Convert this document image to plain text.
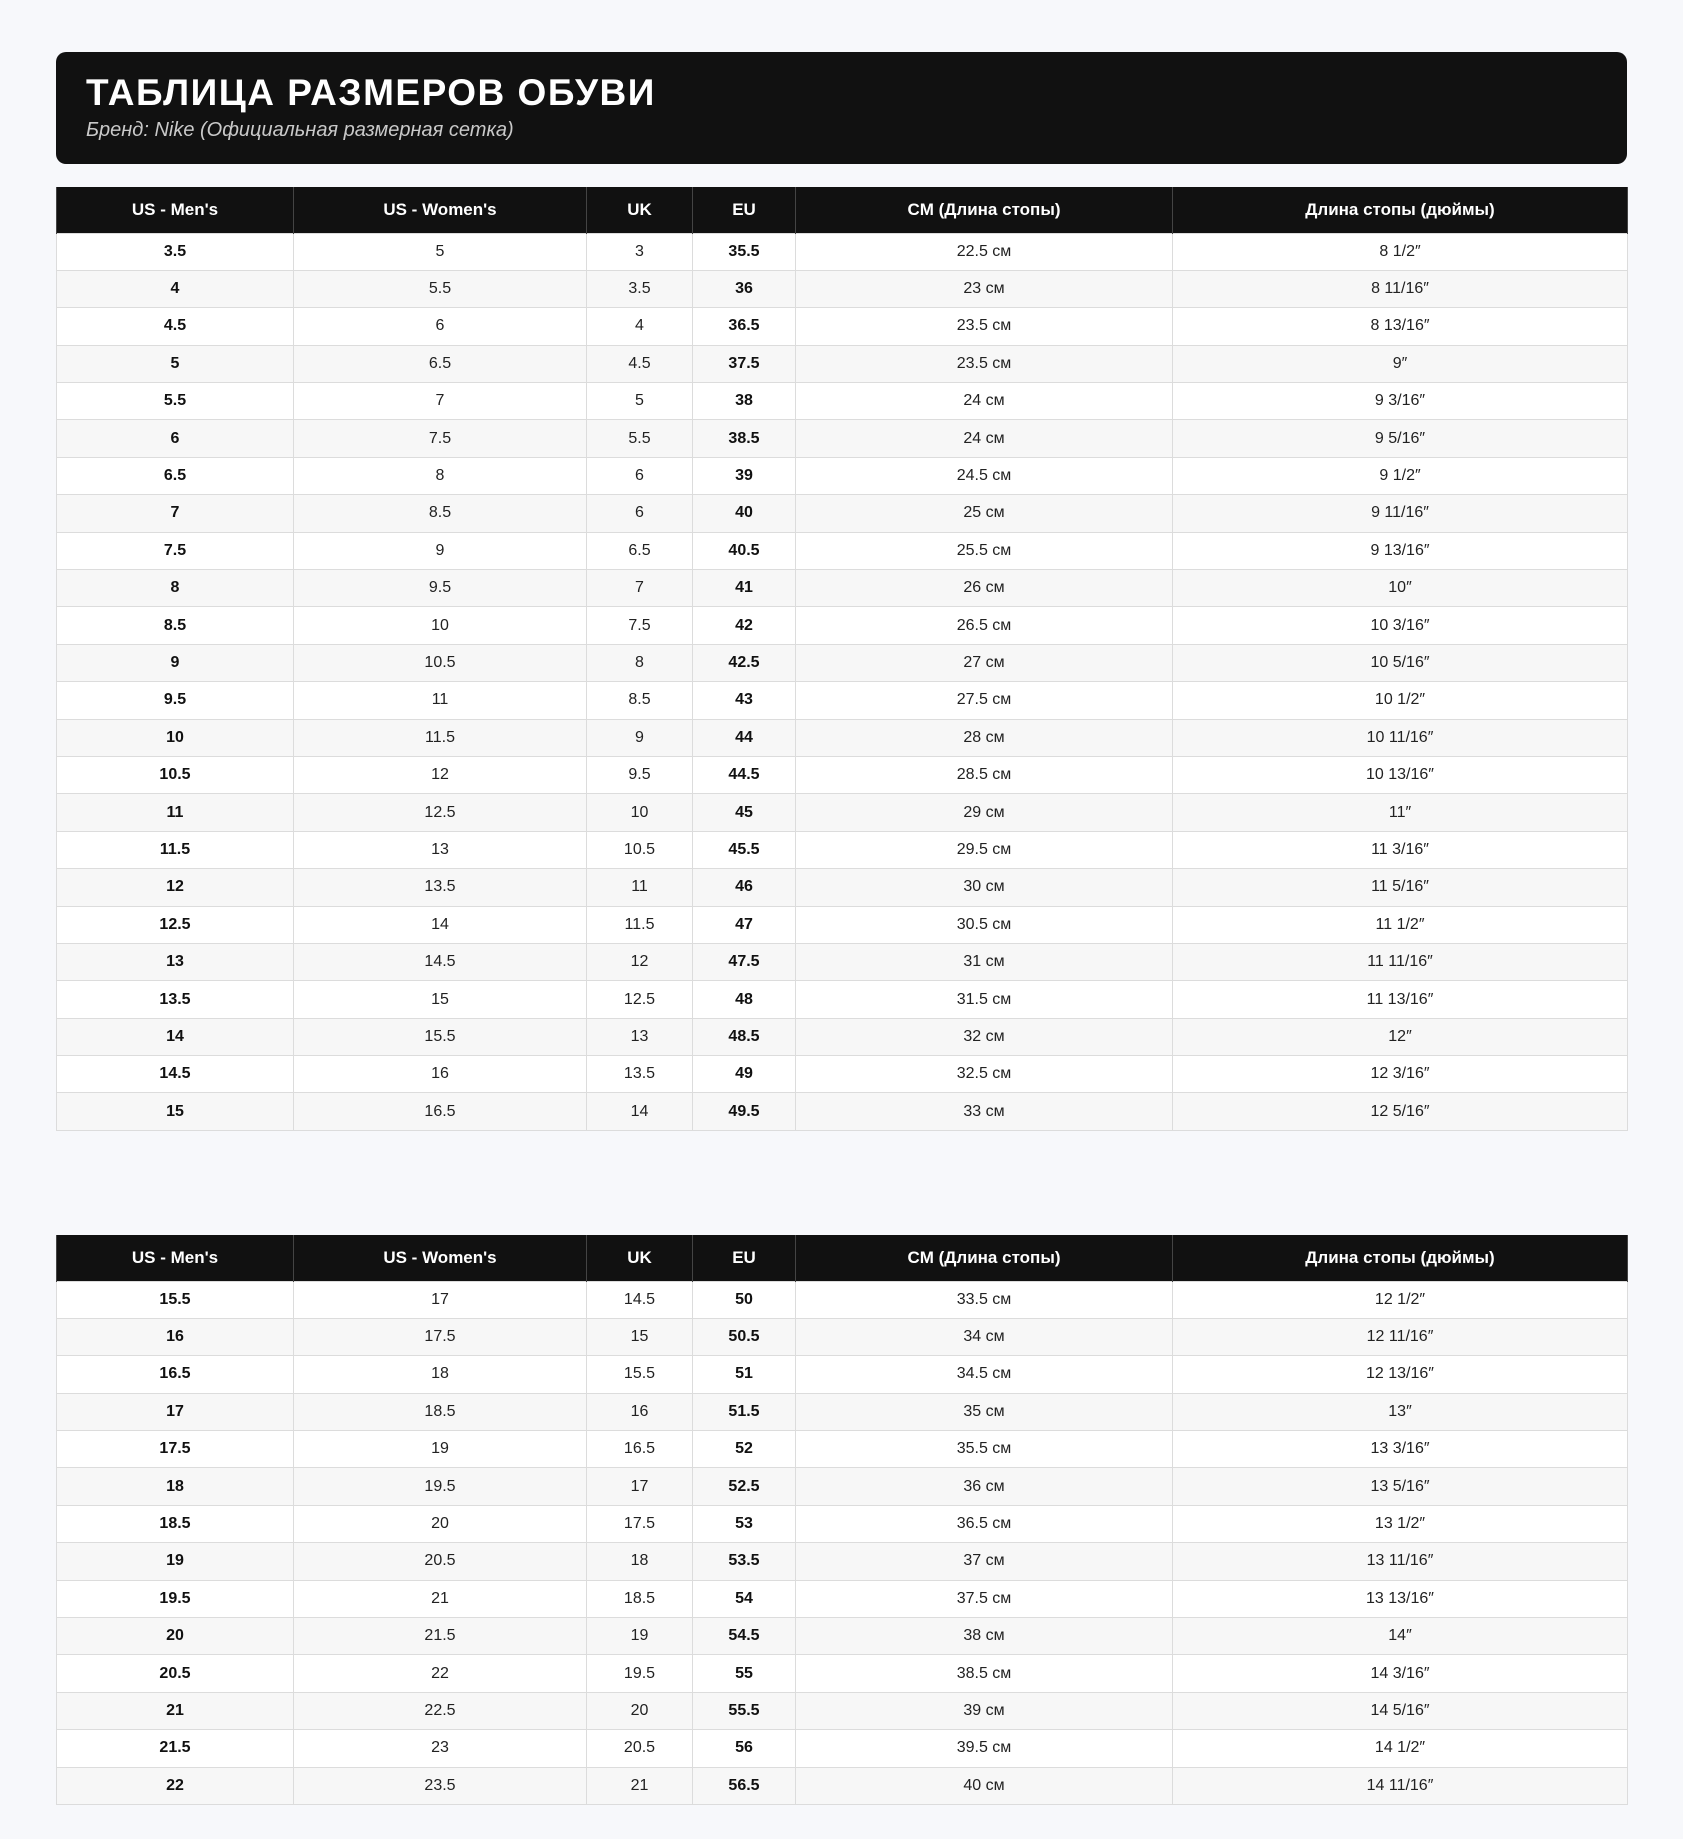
ТАБЛИЦА РАЗМЕРОВ ОБУВИ
Бренд: Nike (Официальная размерная сетка)
US - Men's	US - Women's	UK	EU	CM (Длина стопы)	Длина стопы (дюймы)
3.5	5	3	35.5	22.5 см	8 1/2″
4	5.5	3.5	36	23 см	8 11/16″
4.5	6	4	36.5	23.5 см	8 13/16″
5	6.5	4.5	37.5	23.5 см	9″
5.5	7	5	38	24 см	9 3/16″
6	7.5	5.5	38.5	24 см	9 5/16″
6.5	8	6	39	24.5 см	9 1/2″
7	8.5	6	40	25 см	9 11/16″
7.5	9	6.5	40.5	25.5 см	9 13/16″
8	9.5	7	41	26 см	10″
8.5	10	7.5	42	26.5 см	10 3/16″
9	10.5	8	42.5	27 см	10 5/16″
9.5	11	8.5	43	27.5 см	10 1/2″
10	11.5	9	44	28 см	10 11/16″
10.5	12	9.5	44.5	28.5 см	10 13/16″
11	12.5	10	45	29 см	11″
11.5	13	10.5	45.5	29.5 см	11 3/16″
12	13.5	11	46	30 см	11 5/16″
12.5	14	11.5	47	30.5 см	11 1/2″
13	14.5	12	47.5	31 см	11 11/16″
13.5	15	12.5	48	31.5 см	11 13/16″
14	15.5	13	48.5	32 см	12″
14.5	16	13.5	49	32.5 см	12 3/16″
15	16.5	14	49.5	33 см	12 5/16″
US - Men's	US - Women's	UK	EU	CM (Длина стопы)	Длина стопы (дюймы)
15.5	17	14.5	50	33.5 см	12 1/2″
16	17.5	15	50.5	34 см	12 11/16″
16.5	18	15.5	51	34.5 см	12 13/16″
17	18.5	16	51.5	35 см	13″
17.5	19	16.5	52	35.5 см	13 3/16″
18	19.5	17	52.5	36 см	13 5/16″
18.5	20	17.5	53	36.5 см	13 1/2″
19	20.5	18	53.5	37 см	13 11/16″
19.5	21	18.5	54	37.5 см	13 13/16″
20	21.5	19	54.5	38 см	14″
20.5	22	19.5	55	38.5 см	14 3/16″
21	22.5	20	55.5	39 см	14 5/16″
21.5	23	20.5	56	39.5 см	14 1/2″
22	23.5	21	56.5	40 см	14 11/16″
